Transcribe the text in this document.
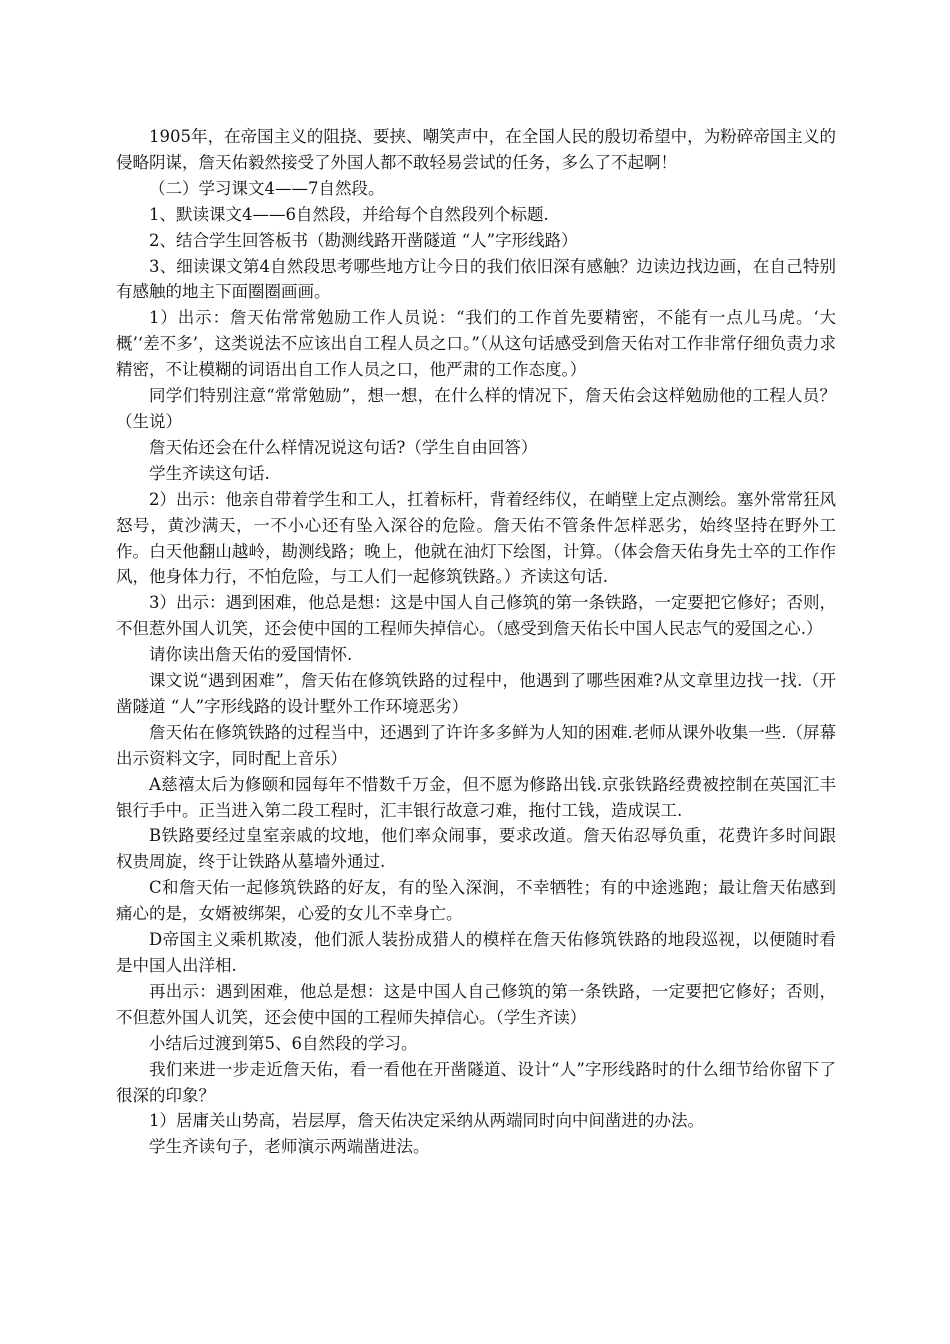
1905年，在帝国主义的阻挠、要挟、嘲笑声中，在全国人民的殷切希望中，为粉碎帝国主义的侵略阴谋，詹天佑毅然接受了外国人都不敢轻易尝试的任务，多么了不起啊！

（二）学习课文4——7自然段。

1、默读课文4——6自然段，并给每个自然段列个标题.

2、结合学生回答板书（勘测线路开凿隧道 “人”字形线路）

3、细读课文第4自然段思考哪些地方让今日的我们依旧深有感触？边读边找边画，在自己特别有感触的地主下面圈圈画画。

1）出示：詹天佑常常勉励工作人员说：“我们的工作首先要精密，不能有一点儿马虎。‘大概’‘差不多’，这类说法不应该出自工程人员之口。”（从这句话感受到詹天佑对工作非常仔细负责力求精密，不让模糊的词语出自工作人员之口，他严肃的工作态度。）

同学们特别注意“常常勉励”，想一想，在什么样的情况下，詹天佑会这样勉励他的工程人员？（生说）

詹天佑还会在什么样情况说这句话?（学生自由回答）

学生齐读这句话.

2）出示：他亲自带着学生和工人，扛着标杆，背着经纬仪，在峭壁上定点测绘。塞外常常狂风怒号，黄沙满天，一不小心还有坠入深谷的危险。詹天佑不管条件怎样恶劣，始终坚持在野外工作。白天他翻山越岭，勘测线路；晚上，他就在油灯下绘图，计算。（体会詹天佑身先士卒的工作作风，他身体力行，不怕危险，与工人们一起修筑铁路。）齐读这句话.

3）出示：遇到困难，他总是想：这是中国人自己修筑的第一条铁路，一定要把它修好；否则，不但惹外国人讥笑，还会使中国的工程师失掉信心。（感受到詹天佑长中国人民志气的爱国之心.）

请你读出詹天佑的爱国情怀.

课文说“遇到困难”，詹天佑在修筑铁路的过程中，他遇到了哪些困难?从文章里边找一找.（开凿隧道 “人”字形线路的设计墅外工作环境恶劣）

詹天佑在修筑铁路的过程当中，还遇到了许许多多鲜为人知的困难.老师从课外收集一些.（屏幕出示资料文字，同时配上音乐）

A慈禧太后为修颐和园每年不惜数千万金，但不愿为修路出钱.京张铁路经费被控制在英国汇丰银行手中。正当进入第二段工程时，汇丰银行故意刁难，拖付工钱，造成误工.

B铁路要经过皇室亲戚的坟地，他们率众闹事，要求改道。詹天佑忍辱负重，花费许多时间跟权贵周旋，终于让铁路从墓墙外通过.

C和詹天佑一起修筑铁路的好友，有的坠入深涧，不幸牺牲；有的中途逃跑；最让詹天佑感到痛心的是，女婿被绑架，心爱的女儿不幸身亡。

D帝国主义乘机欺凌，他们派人装扮成猎人的模样在詹天佑修筑铁路的地段巡视，以便随时看是中国人出洋相.

再出示：遇到困难，他总是想：这是中国人自己修筑的第一条铁路，一定要把它修好；否则，不但惹外国人讥笑，还会使中国的工程师失掉信心。（学生齐读）

小结后过渡到第5、6自然段的学习。

我们来进一步走近詹天佑，看一看他在开凿隧道、设计“人”字形线路时的什么细节给你留下了很深的印象？

1）居庸关山势高，岩层厚，詹天佑决定采纳从两端同时向中间凿进的办法。

学生齐读句子，老师演示两端凿进法。
